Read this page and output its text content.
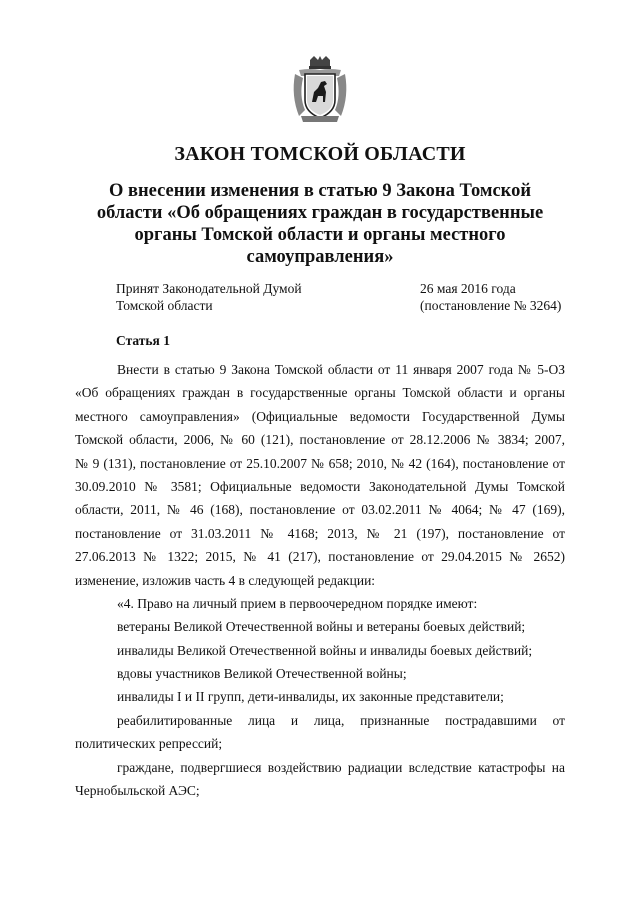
ЗАКОН ТОМСКОЙ ОБЛАСТИ
О внесении изменения в статью 9 Закона Томской
области «Об обращениях граждан в государственные
органы Томской области и органы местного
самоуправления»
Принят Законодательной Думой
Томской области
26 мая 2016 года
(постановление № 3264)
Статья 1
Внести в статью 9 Закона Томской области от 11 января 2007 года № 5-ОЗ
«Об обращениях граждан в государственные органы Томской области и органы
местного самоуправления» (Официальные ведомости Государственной Думы
Томской области, 2006, № 60 (121), постановление от 28.12.2006 № 3834; 2007,
№ 9 (131), постановление от 25.10.2007 № 658; 2010, № 42 (164), постановление от
30.09.2010 № 3581; Официальные ведомости Законодательной Думы Томской
области, 2011, № 46 (168), постановление от 03.02.2011 № 4064; № 47 (169),
постановление от 31.03.2011 № 4168; 2013, № 21 (197), постановление от
27.06.2013 № 1322; 2015, № 41 (217), постановление от 29.04.2015 № 2652)
изменение, изложив часть 4 в следующей редакции:
«4. Право на личный прием в первоочередном порядке имеют:
ветераны Великой Отечественной войны и ветераны боевых действий;
инвалиды Великой Отечественной войны и инвалиды боевых действий;
вдовы участников Великой Отечественной войны;
инвалиды I и II групп, дети-инвалиды, их законные представители;
реабилитированные лица и лица, признанные пострадавшими от
политических репрессий;
граждане, подвергшиеся воздействию радиации вследствие катастрофы на
Чернобыльской АЭС;
